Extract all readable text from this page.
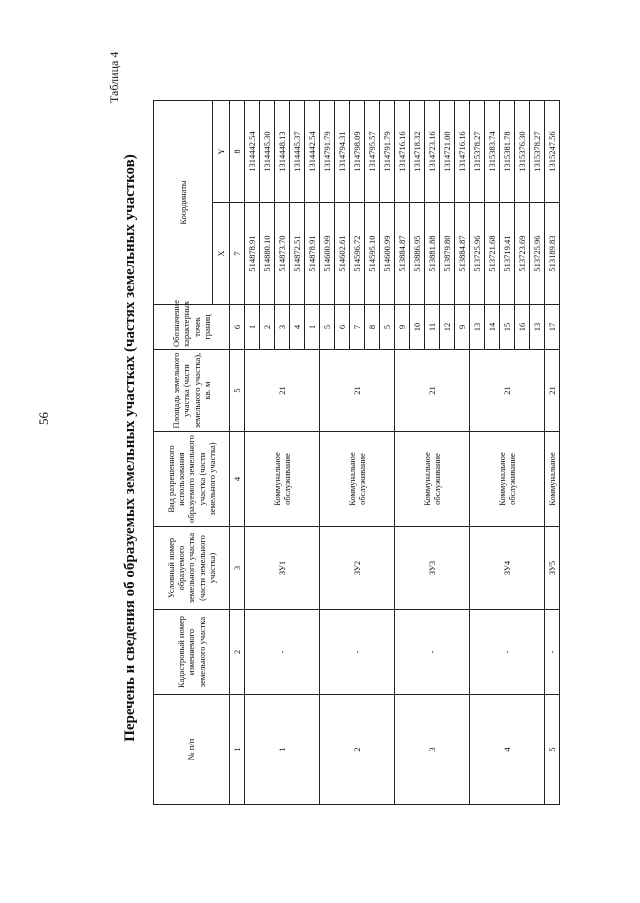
56
Таблица 4
Перечень и сведения об образуемых земельных участках (частях земельных участков)
№ п/п	Кадастровый номер изменяемого земельного участка	Условный номер образуемого земельного участка (части земельного участка)	Вид разрешенного использования образуемого земельного участка (части земельного участка)	Площадь земельного участка (части земельного участка), кв. м	Обозначение характерных точек границ	Координаты	
						X	Y
1	2	3	4	5	6	7	8
1	-	ЗУ1	Коммунальное обслуживание	21	1	514878.91	1314442.54
					2	514880.10	1314445.30
					3	514873.70	1314448.13
					4	514872.51	1314445.37
					1	514878.91	1314442.54
2	-	ЗУ2	Коммунальное обслуживание	21	5	514600.99	1314791.79
					6	514602.61	1314794.31
					7	514596.72	1314798.09
					8	514595.10	1314795.57
					5	514600.99	1314791.79
3	-	ЗУ3	Коммунальное обслуживание	21	9	513884.87	1314716.16
					10	513886.95	1314718.32
					11	513881.88	1314723.16
					12	513879.80	1314721.00
					9	513884.87	1314716.16
4	-	ЗУ4	Коммунальное обслуживание	21	13	513725.96	1315378.27
					14	513721.68	1315383.74
					15	513719.41	1315381.78
					16	513723.69	1315376.30
					13	513725.96	1315378.27
5	-	ЗУ5	Коммунальное	21	17	513189.83	1315247.56
